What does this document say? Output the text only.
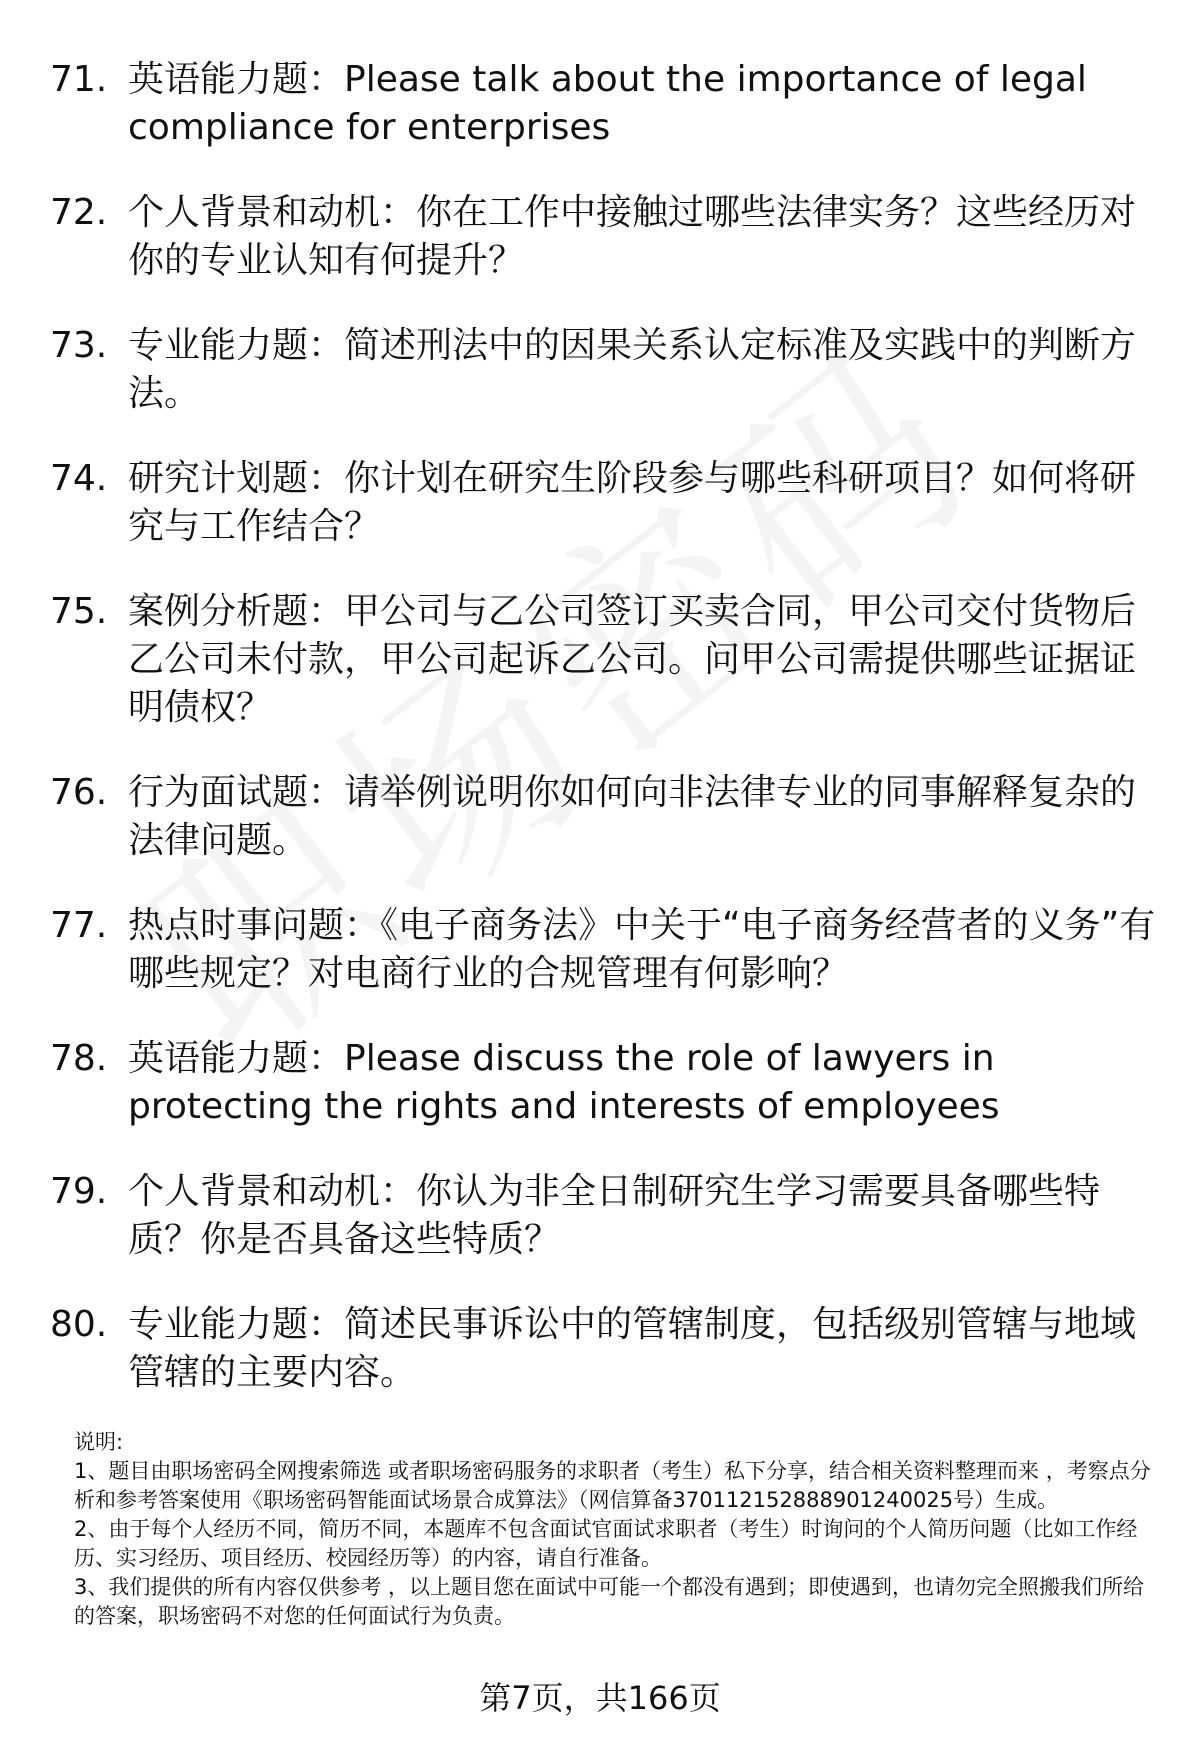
71. 英语能力题：Please talk about the importance of legal compliance for enterprises
72. 个人背景和动机：你在工作中接触过哪些法律实务？这些经历对你的专业认知有何提升？
73. 专业能力题：简述刑法中的因果关系认定标准及实践中的判断方法。
74. 研究计划题：你计划在研究生阶段参与哪些科研项目？如何将研究与工作结合？
75. 案例分析题：甲公司与乙公司签订买卖合同，甲公司交付货物后乙公司未付款，甲公司起诉乙公司。问甲公司需提供哪些证据证明债权？
76. 行为面试题：请举例说明你如何向非法律专业的同事解释复杂的法律问题。
77. 热点时事问题：《电子商务法》中关于“电子商务经营者的义务”有哪些规定？对电商行业的合规管理有何影响？
78. 英语能力题：Please discuss the role of lawyers in protecting the rights and interests of employees
79. 个人背景和动机：你认为非全日制研究生学习需要具备哪些特质？你是否具备这些特质？
80. 专业能力题：简述民事诉讼中的管辖制度，包括级别管辖与地域管辖的主要内容。

说明:

1、题目由职场密码全网搜索筛选 或者职场密码服务的求职者（考生）私下分享，结合相关资料整理而来 ，考察点分析和参考答案使用《职场密码智能面试场景合成算法》（网信算备370112152888901240025号）生成。

2、由于每个人经历不同，简历不同，本题库不包含面试官面试求职者（考生）时询问的个人简历问题（比如工作经历、实习经历、项目经历、校园经历等）的内容，请自行准备。

3、我们提供的所有内容仅供参考 ，以上题目您在面试中可能一个都没有遇到；即使遇到，也请勿完全照搬我们所给的答案，职场密码不对您的任何面试行为负责。

第7页，共166页
